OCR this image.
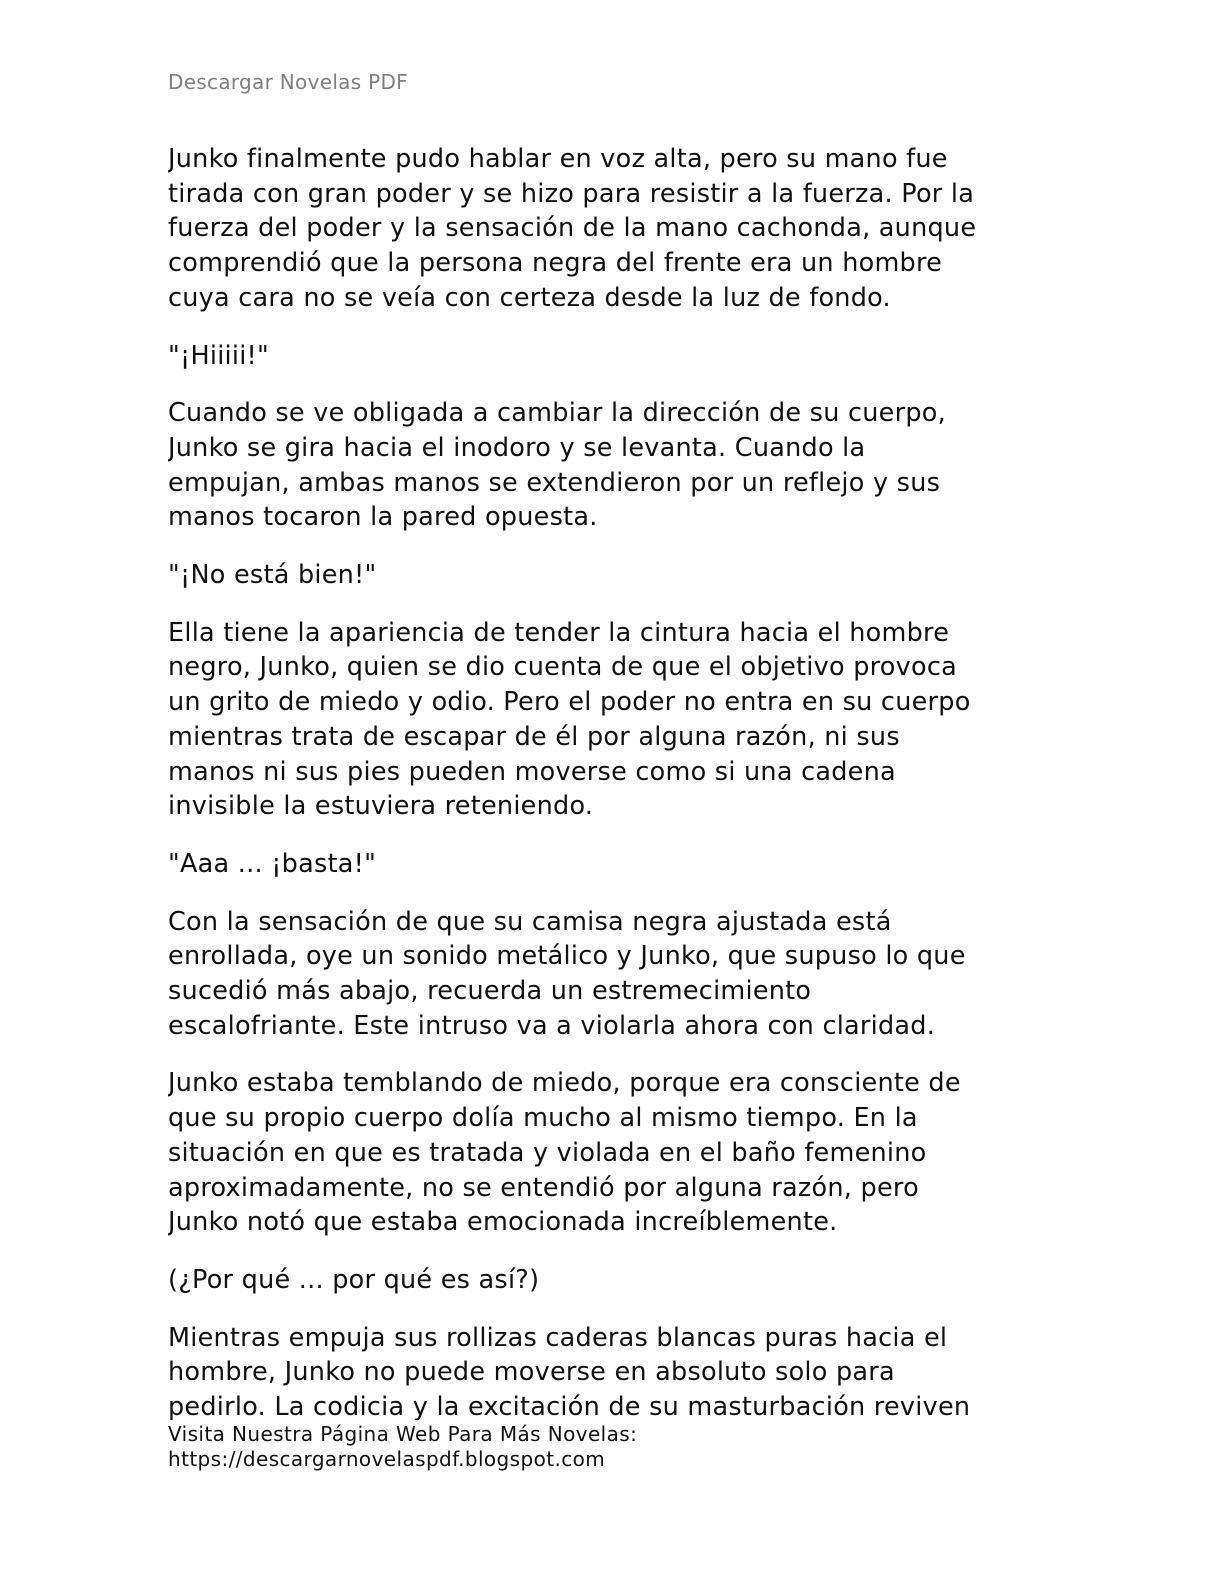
Descargar Novelas PDF

Junko finalmente pudo hablar en voz alta, pero su mano fue
tirada con gran poder y se hizo para resistir a la fuerza. Por la
fuerza del poder y la sensación de la mano cachonda, aunque
comprendió que la persona negra del frente era un hombre
cuya cara no se veía con certeza desde la luz de fondo.

"¡Hiiiii!"

Cuando se ve obligada a cambiar la dirección de su cuerpo,
Junko se gira hacia el inodoro y se levanta. Cuando la
empujan, ambas manos se extendieron por un reflejo y sus
manos tocaron la pared opuesta.

"¡No está bien!"

Ella tiene la apariencia de tender la cintura hacia el hombre
negro, Junko, quien se dio cuenta de que el objetivo provoca
un grito de miedo y odio. Pero el poder no entra en su cuerpo
mientras trata de escapar de él por alguna razón, ni sus
manos ni sus pies pueden moverse como si una cadena
invisible la estuviera reteniendo.

"Aaa ... ¡basta!"

Con la sensación de que su camisa negra ajustada está
enrollada, oye un sonido metálico y Junko, que supuso lo que
sucedió más abajo, recuerda un estremecimiento
escalofriante. Este intruso va a violarla ahora con claridad.

Junko estaba temblando de miedo, porque era consciente de
que su propio cuerpo dolía mucho al mismo tiempo. En la
situación en que es tratada y violada en el baño femenino
aproximadamente, no se entendió por alguna razón, pero
Junko notó que estaba emocionada increíblemente.

(¿Por qué ... por qué es así?)

Mientras empuja sus rollizas caderas blancas puras hacia el
hombre, Junko no puede moverse en absoluto solo para
pedirlo. La codicia y la excitación de su masturbación reviven

Visita Nuestra Página Web Para Más Novelas:
https://descargarnovelaspdf.blogspot.com
